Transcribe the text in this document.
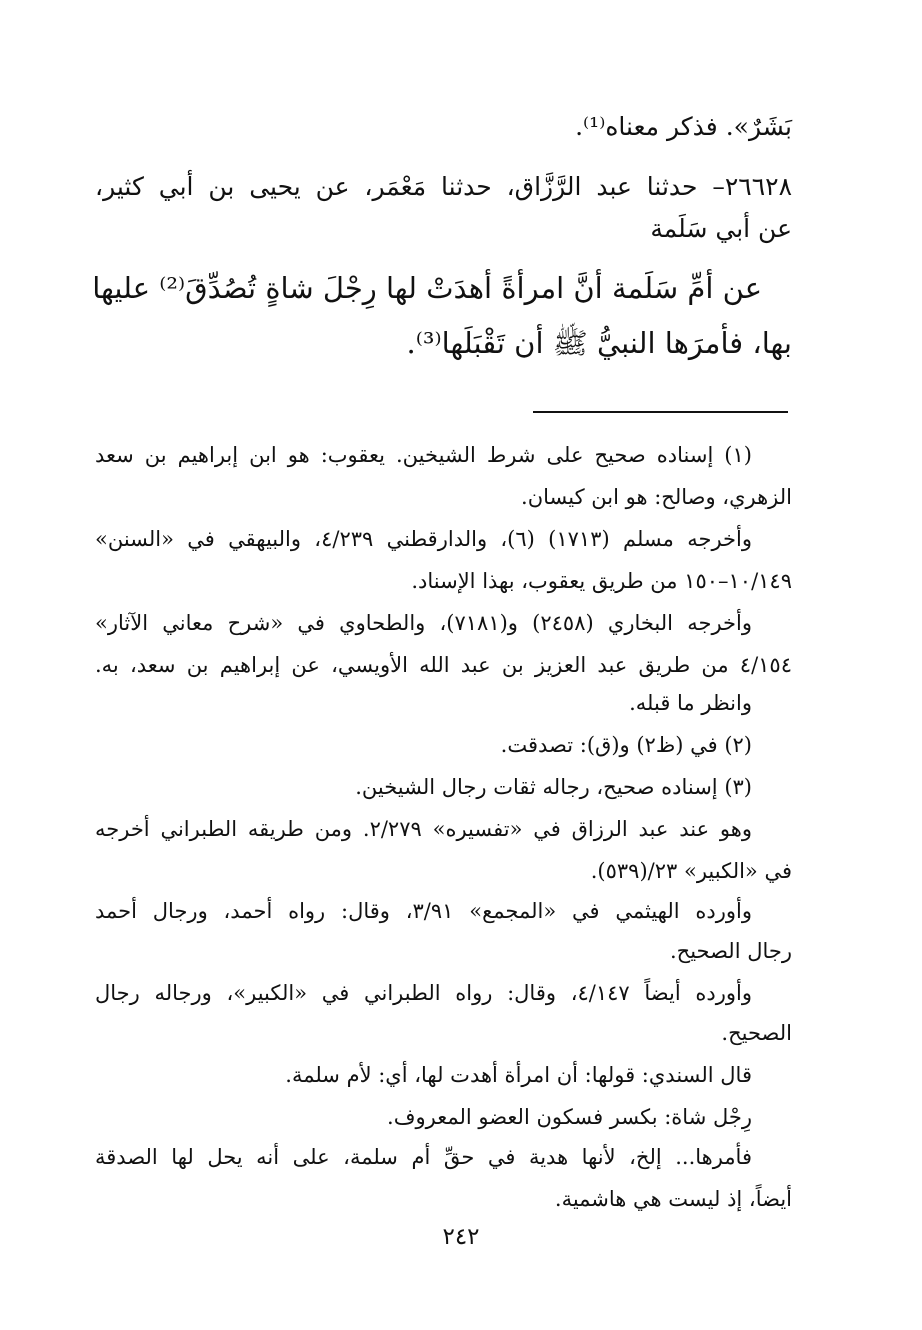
بَشَرٌ». فذكر معناه⁽¹⁾.
٢٦٦٢٨– حدثنا عبد الرَّزَّاق، حدثنا مَعْمَر، عن يحيى بن أبي كثير،
عن أبي سَلَمة
عن أمِّ سَلَمة أنَّ امرأةً أهدَتْ لها رِجْلَ شاةٍ تُصُدِّقَ⁽²⁾ عليها
بها، فأمرَها النبيُّ ﷺ أن تَقْبَلَها⁽³⁾.
(١) إسناده صحيح على شرط الشيخين. يعقوب: هو ابن إبراهيم بن سعد
الزهري، وصالح: هو ابن كيسان.
وأخرجه مسلم (١٧١٣) (٦)، والدارقطني ٤/٢٣٩، والبيهقي في «السنن»
١٠/١٤٩–١٥٠ من طريق يعقوب، بهذا الإسناد.
وأخرجه البخاري (٢٤٥٨) و(٧١٨١)، والطحاوي في «شرح معاني الآثار»
٤/١٥٤ من طريق عبد العزيز بن عبد الله الأويسي، عن إبراهيم بن سعد، به.
وانظر ما قبله.
(٢) في (ظ٢) و(ق): تصدقت.
(٣) إسناده صحيح، رجاله ثقات رجال الشيخين.
وهو عند عبد الرزاق في «تفسيره» ٢/٢٧٩. ومن طريقه الطبراني أخرجه
في «الكبير» ٢٣/(٥٣٩).
وأورده الهيثمي في «المجمع» ٣/٩١، وقال: رواه أحمد، ورجال أحمد
رجال الصحيح.
وأورده أيضاً ٤/١٤٧، وقال: رواه الطبراني في «الكبير»، ورجاله رجال
الصحيح.
قال السندي: قولها: أن امرأة أهدت لها، أي: لأم سلمة.
رِجْل شاة: بكسر فسكون العضو المعروف.
فأمرها... إلخ، لأنها هدية في حقِّ أم سلمة، على أنه يحل لها الصدقة
أيضاً، إذ ليست هي هاشمية.
٢٤٢
